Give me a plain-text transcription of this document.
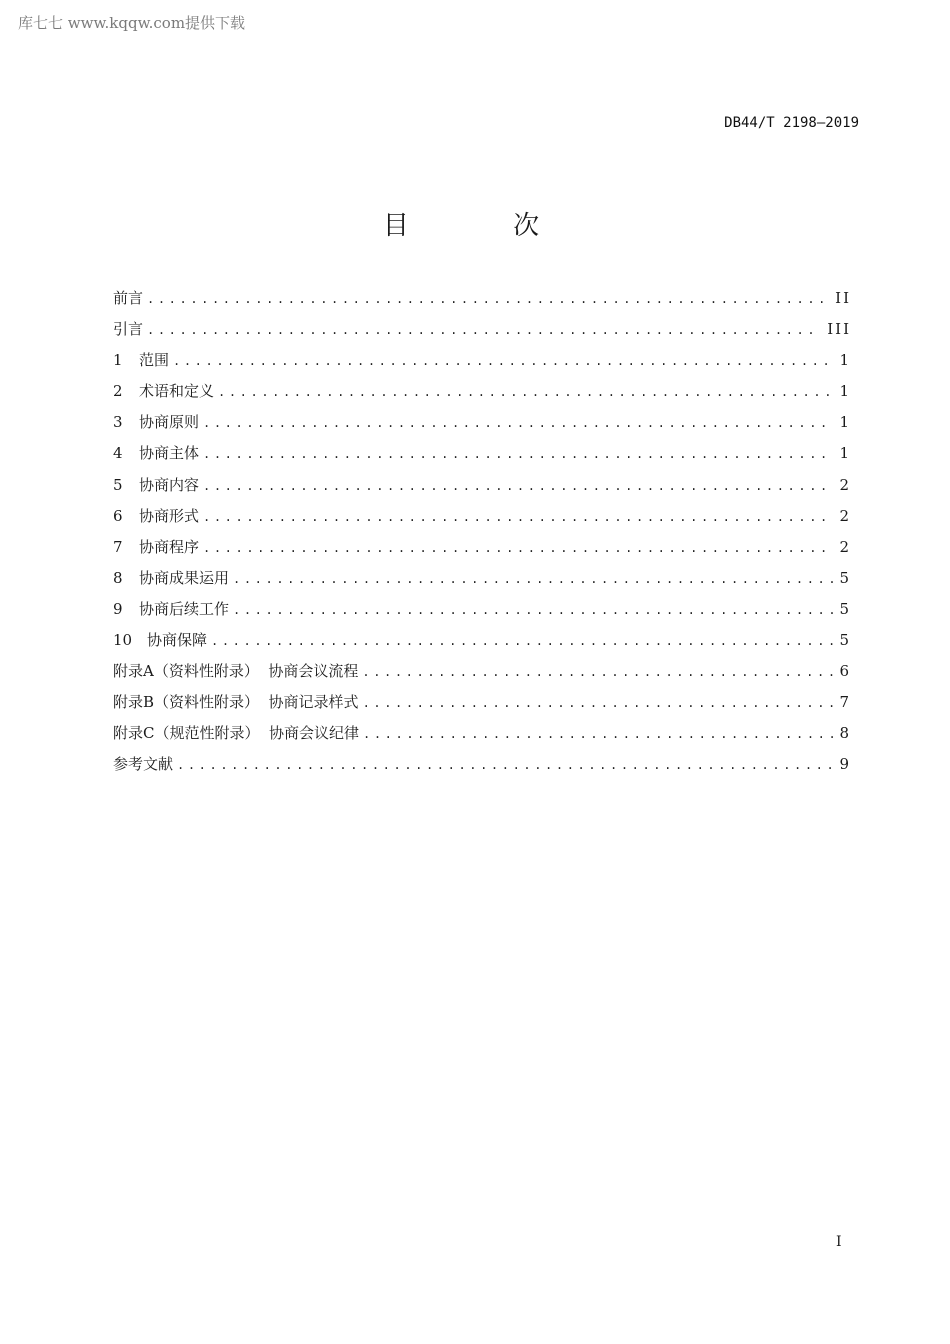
库七七 www.kqqw.com提供下载
DB44/T 2198—2019
目 次
前言 .....	II
引言 .....	III
1	范围 .....	1
2	术语和定义 .....	1
3	协商原则 .....	1
4	协商主体 .....	1
5	协商内容 .....	2
6	协商形式 .....	2
7	协商程序 .....	2
8	协商成果运用 .....	5
9	协商后续工作 .....	5
10 协商保障 .....	5
附录A（资料性附录）  协商会议流程 .....	6
附录B（资料性附录）  协商记录样式 .....	7
附录C（规范性附录）  协商会议纪律 .....	8
参考文献 .....	9
I
